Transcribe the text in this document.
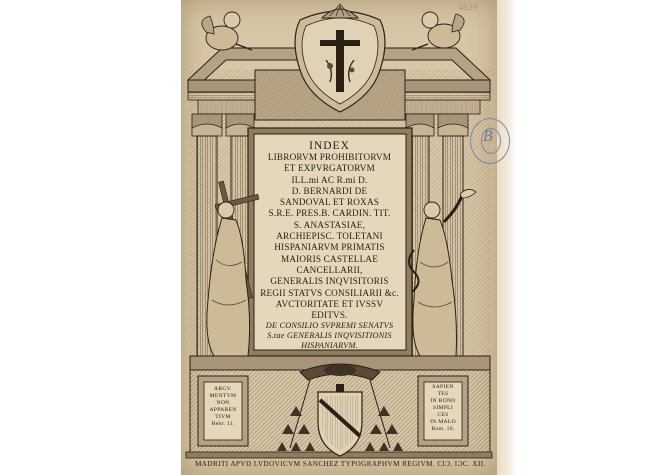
4829
B
INDEX
LIBRORVM PROHIBITORVM
ET EXPVRGATORVM
ILL.mi AC R.mi D.
D. BERNARDI DE
SANDOVAL ET ROXAS
S.R.E. PRES.B. CARDIN. TIT.
S. ANASTASIAE,
ARCHIEPISC. TOLETANI
HISPANIARVM PRIMATIS
MAIORIS CASTELLAE
CANCELLARII,
GENERALIS INQVISITORIS
REGII STATVS CONSILIARII &c.
AVCTORITATE ET IVSSV
EDITVS.
DE CONSILIO SVPREMI SENATVS
S.tae GENERALIS INQVISITIONIS
HISPANIARVM.
ARGV.
MENTVM
NON
APPAREN
TIVM
Hebr. 11.
SAPIEN
TES
IN BONO
SIMPLI
CES
IN MALO
Rom. 16.
MADRITI APVD LVDOVICVM SANCHEZ TYPOGRAPHVM REGIVM. CIƆ. IƆC. XII.
